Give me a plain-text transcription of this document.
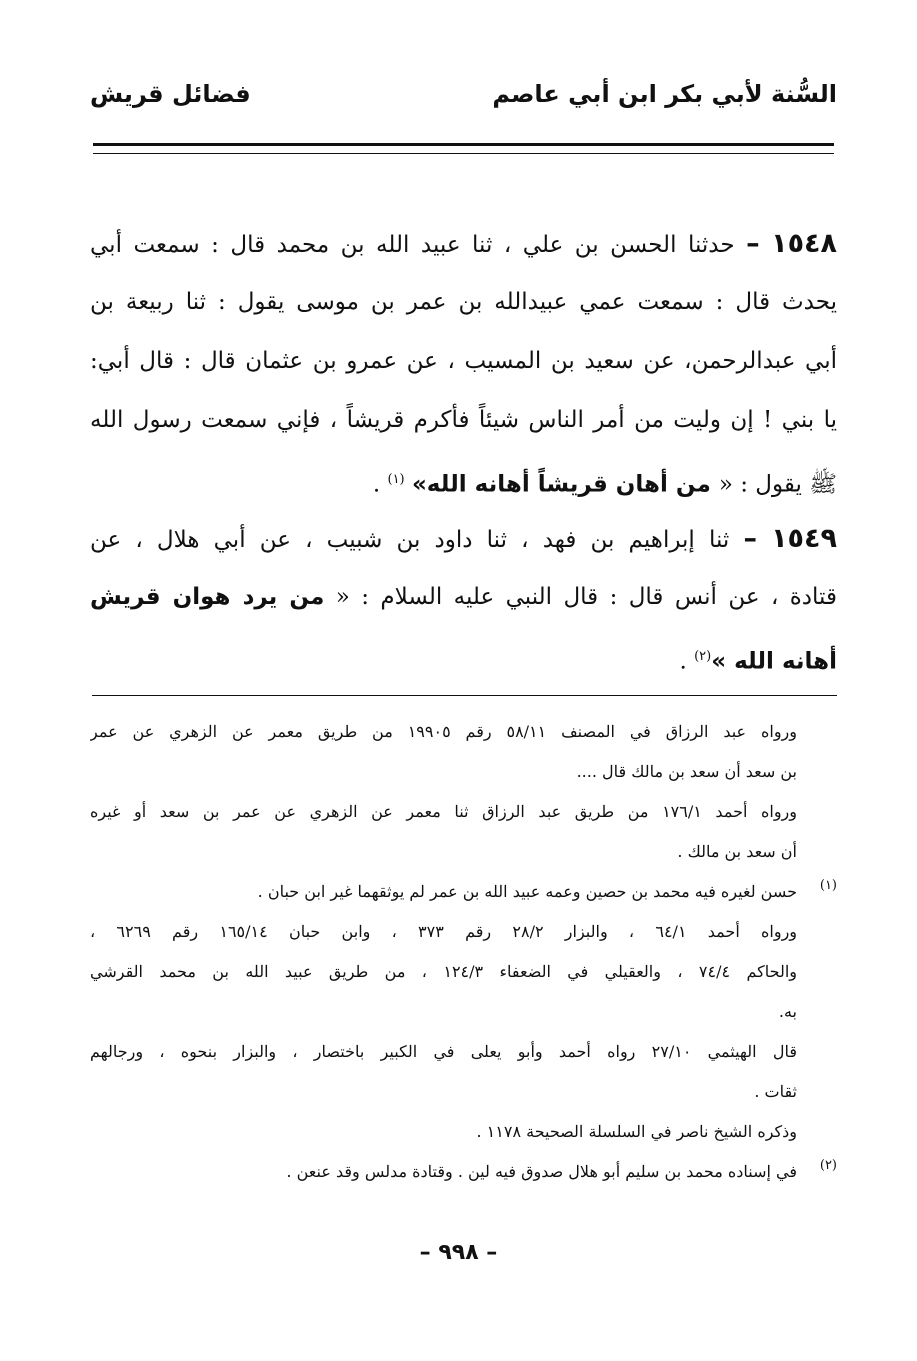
السُّنة لأبي بكر ابن أبي عاصم
فضائل قريش
١٥٤٨ – حدثنا الحسن بن علي ، ثنا عبيد الله بن محمد قال : سمعت أبي
يحدث قال : سمعت عمي عبيدالله بن عمر بن موسى يقول : ثنا ربيعة بن
أبي عبدالرحمن، عن سعيد بن المسيب ، عن عمرو بن عثمان قال : قال أبي:
يا بني ! إن وليت من أمر الناس شيئاً فأكرم قريشاً ، فإني سمعت رسول الله
ﷺ يقول : « من أهان قريشاً أهانه الله» $^{(١)}$ .
١٥٤٩ – ثنا إبراهيم بن فهد ، ثنا داود بن شبيب ، عن أبي هلال ، عن
قتادة ، عن أنس قال : قال النبي عليه السلام : « من يرد هوان قريش
أهانه الله »$^{(٢)}$ .
ورواه عبد الرزاق في المصنف ٥٨/١١ رقم ١٩٩٠٥ من طريق معمر عن الزهري عن عمر
بن سعد أن سعد بن مالك قال ....
ورواه أحمد ١٧٦/١ من طريق عبد الرزاق ثنا معمر عن الزهري عن عمر بن سعد أو غيره
أن سعد بن مالك .
(١)
حسن لغيره فيه محمد بن حصين وعمه عبيد الله بن عمر لم يوثقهما غير ابن حبان .
ورواه أحمد ٦٤/١ ، والبزار ٢٨/٢ رقم ٣٧٣ ، وابن حبان ١٦٥/١٤ رقم ٦٢٦٩ ،
والحاكم ٧٤/٤ ، والعقيلي في الضعفاء ١٢٤/٣ ، من طريق عبيد الله بن محمد القرشي
به.
قال الهيثمي ٢٧/١٠ رواه أحمد وأبو يعلى في الكبير باختصار ، والبزار بنحوه ، ورجالهم
ثقات .
وذكره الشيخ ناصر في السلسلة الصحيحة ١١٧٨ .
(٢)
في إسناده محمد بن سليم أبو هلال صدوق فيه لين . وقتادة مدلس وقد عنعن .
– ٩٩٨ –
